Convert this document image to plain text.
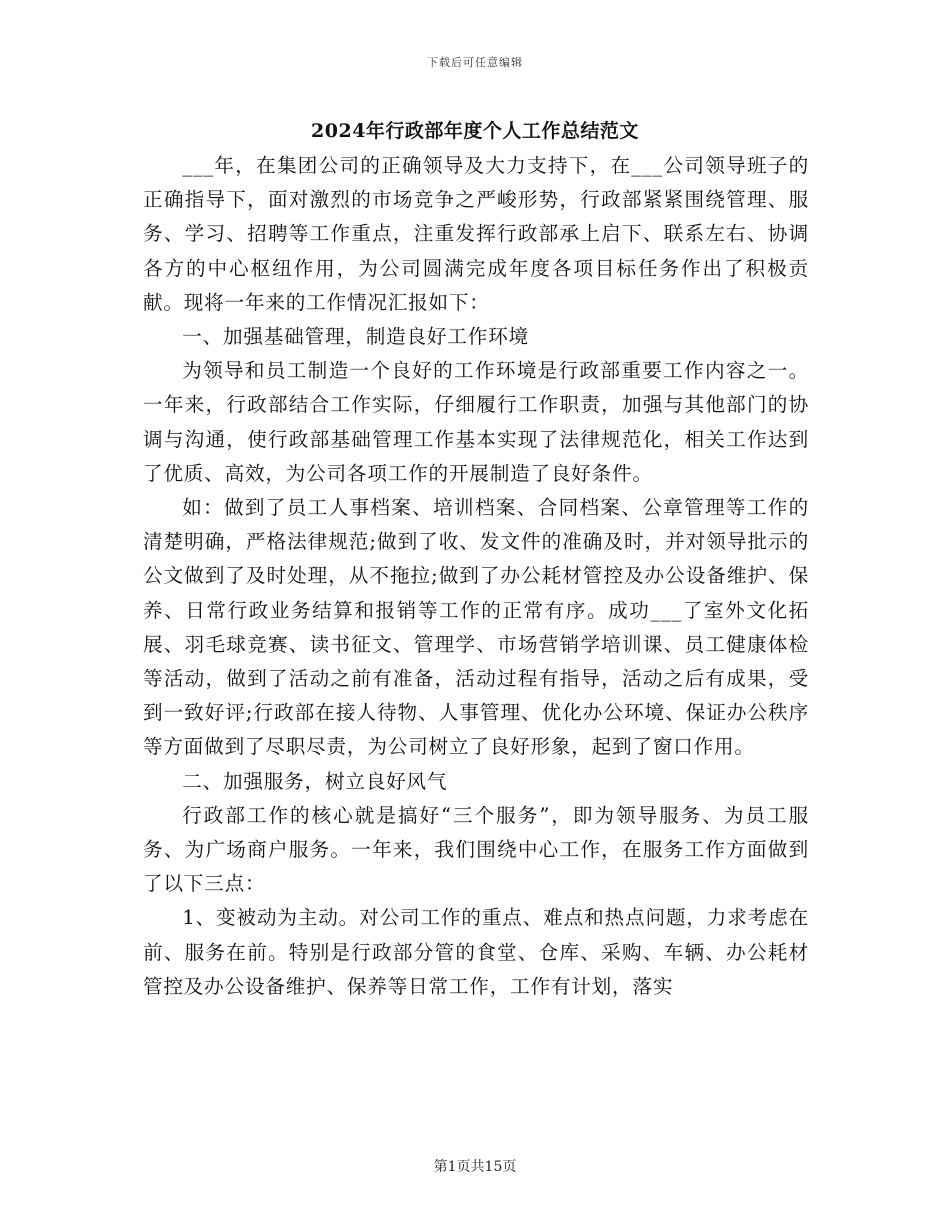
下载后可任意编辑
2024年行政部年度个人工作总结范文

___年，在集团公司的正确领导及大力支持下，在___公司领导班子的正确指导下，面对激烈的市场竞争之严峻形势，行政部紧紧围绕管理、服务、学习、招聘等工作重点，注重发挥行政部承上启下、联系左右、协调各方的中心枢纽作用，为公司圆满完成年度各项目标任务作出了积极贡献。现将一年来的工作情况汇报如下：

一、加强基础管理，制造良好工作环境

为领导和员工制造一个良好的工作环境是行政部重要工作内容之一。一年来，行政部结合工作实际，仔细履行工作职责，加强与其他部门的协调与沟通，使行政部基础管理工作基本实现了法律规范化，相关工作达到了优质、高效，为公司各项工作的开展制造了良好条件。

如：做到了员工人事档案、培训档案、合同档案、公章管理等工作的清楚明确，严格法律规范;做到了收、发文件的准确及时，并对领导批示的公文做到了及时处理，从不拖拉;做到了办公耗材管控及办公设备维护、保养、日常行政业务结算和报销等工作的正常有序。成功___了室外文化拓展、羽毛球竞赛、读书征文、管理学、市场营销学培训课、员工健康体检等活动，做到了活动之前有准备，活动过程有指导，活动之后有成果，受到一致好评;行政部在接人待物、人事管理、优化办公环境、保证办公秩序等方面做到了尽职尽责，为公司树立了良好形象，起到了窗口作用。

二、加强服务，树立良好风气

行政部工作的核心就是搞好“三个服务”，即为领导服务、为员工服务、为广场商户服务。一年来，我们围绕中心工作，在服务工作方面做到了以下三点：

1、变被动为主动。对公司工作的重点、难点和热点问题，力求考虑在前、服务在前。特别是行政部分管的食堂、仓库、采购、车辆、办公耗材管控及办公设备维护、保养等日常工作，工作有计划，落实

第1页共15页
